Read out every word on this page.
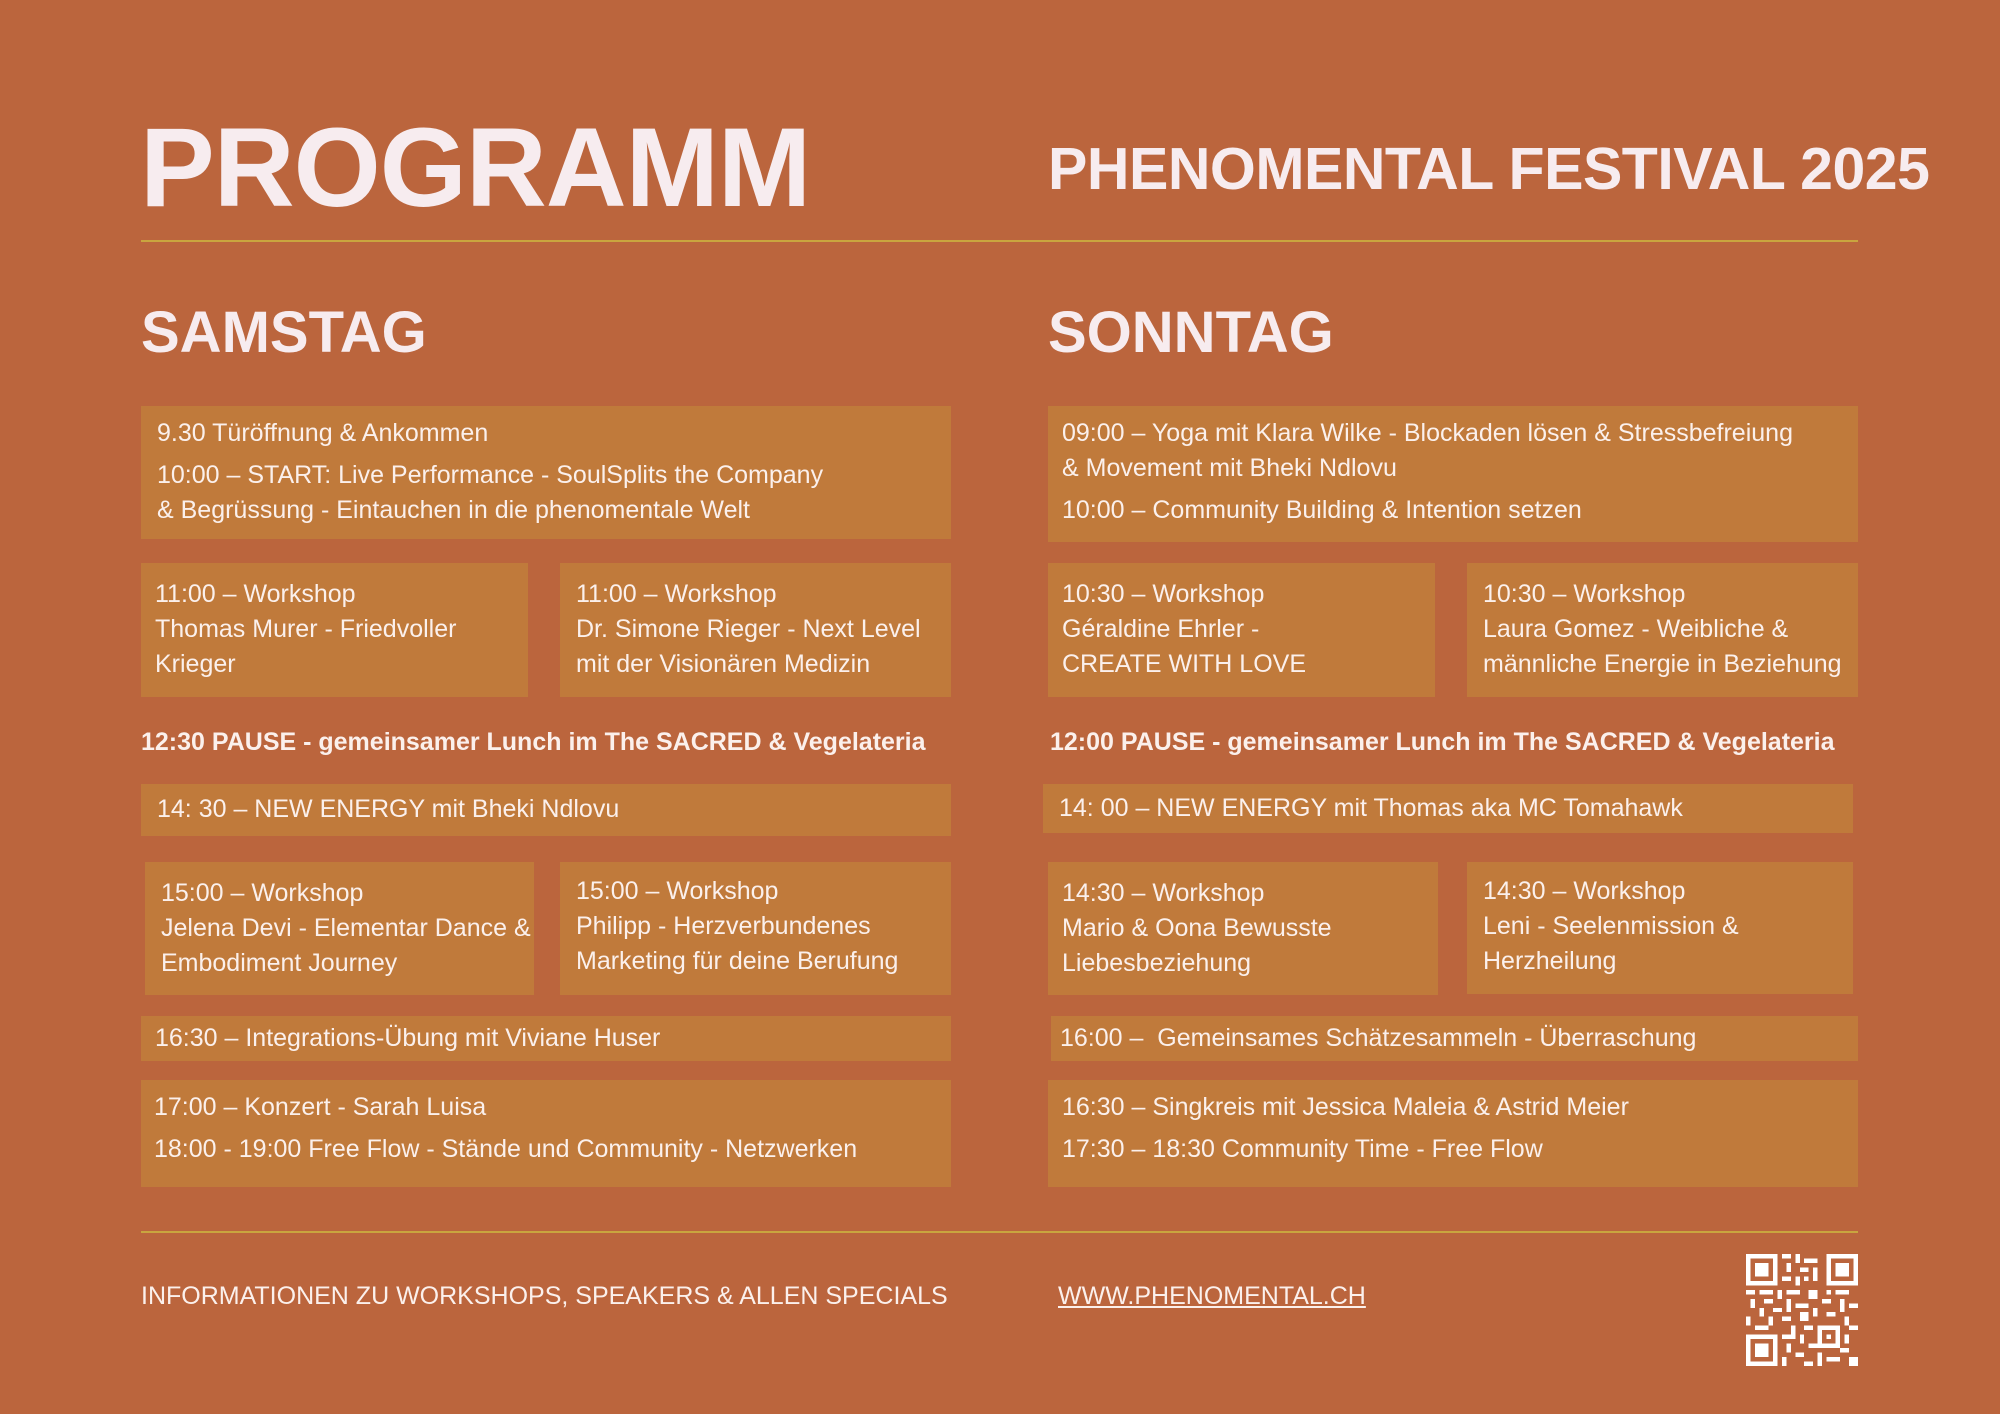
PROGRAMM	PHENOMENTAL FESTIVAL 2025
SAMSTAG	SONNTAG

9.30 Türöffnung & Ankommen

10:00 – START: Live Performance - SoulSplits the Company

& Begrüssung - Eintauchen in die phenomentale Welt

11:00 – Workshop

Thomas Murer - Friedvoller

Krieger

11:00 – Workshop

Dr. Simone Rieger - Next Level

mit der Visionären Medizin

12:30 PAUSE - gemeinsamer Lunch im The SACRED & Vegelateria

14: 30 – NEW ENERGY mit Bheki Ndlovu

15:00 – Workshop

Jelena Devi - Elementar Dance &

Embodiment Journey

15:00 – Workshop

Philipp - Herzverbundenes

Marketing für deine Berufung

16:30 – Integrations-Übung mit Viviane Huser

17:00 – Konzert - Sarah Luisa

18:00 - 19:00 Free Flow - Stände und Community - Netzwerken

09:00 – Yoga mit Klara Wilke - Blockaden lösen & Stressbefreiung

& Movement mit Bheki Ndlovu

10:00 – Community Building & Intention setzen

10:30 – Workshop

Géraldine Ehrler -

CREATE WITH LOVE

10:30 – Workshop

Laura Gomez - Weibliche &

männliche Energie in Beziehung

12:00 PAUSE - gemeinsamer Lunch im The SACRED & Vegelateria

14: 00 – NEW ENERGY mit Thomas aka MC Tomahawk

14:30 – Workshop

Mario & Oona Bewusste

Liebesbeziehung

14:30 – Workshop

Leni - Seelenmission &

Herzheilung

16:00 –  Gemeinsames Schätzesammeln - Überraschung

16:30 – Singkreis mit Jessica Maleia & Astrid Meier

17:30 – 18:30 Community Time - Free Flow

INFORMATIONEN ZU WORKSHOPS, SPEAKERS & ALLEN SPECIALS	WWW.PHENOMENTAL.CH
